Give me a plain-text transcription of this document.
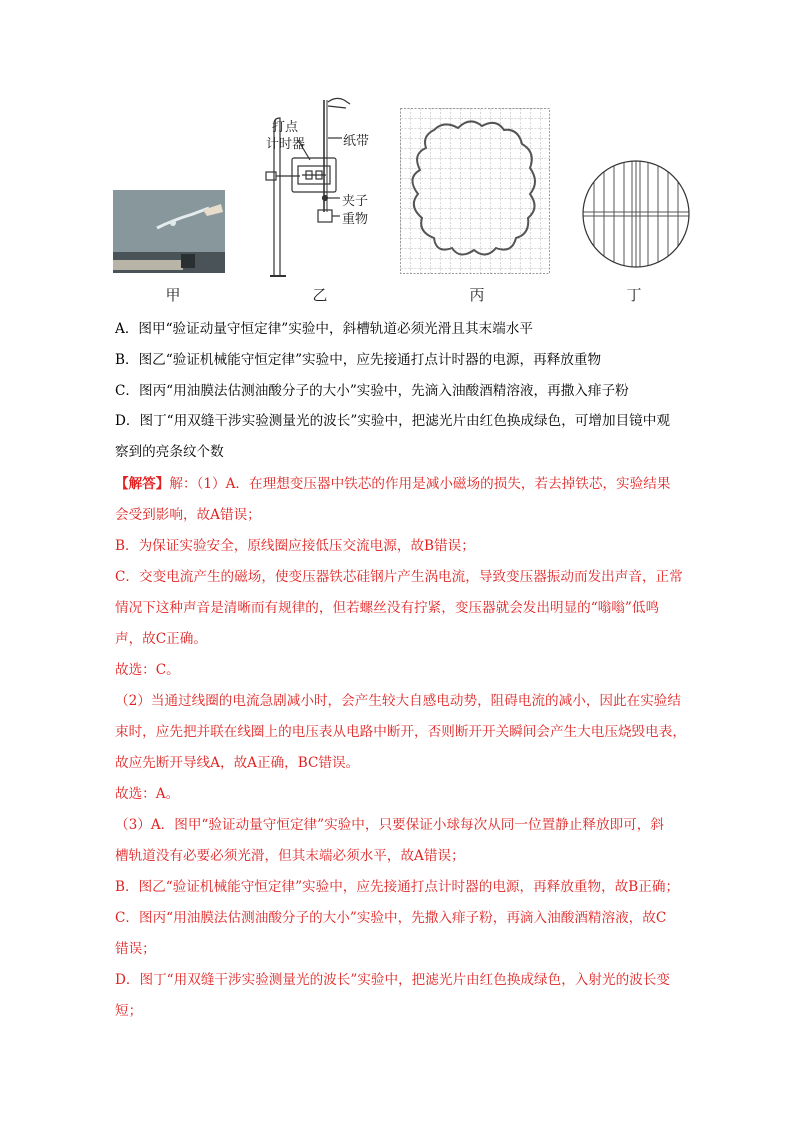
打点
计时器	纸带
夹子
重物
甲	乙	丙	丁
A．图甲“验证动量守恒定律”实验中，斜槽轨道必须光滑且其末端水平
B．图乙“验证机械能守恒定律”实验中，应先接通打点计时器的电源，再释放重物
C．图丙“用油膜法估测油酸分子的大小”实验中，先滴入油酸酒精溶液，再撒入痱子粉
D．图丁“用双缝干涉实验测量光的波长”实验中，把滤光片由红色换成绿色，可增加目镜中观
察到的亮条纹个数
【解答】解：（1）A．在理想变压器中铁芯的作用是减小磁场的损失，若去掉铁芯，实验结果
会受到影响，故A错误；
B．为保证实验安全，原线圈应接低压交流电源，故B错误；
C．交变电流产生的磁场，使变压器铁芯硅钢片产生涡电流，导致变压器振动而发出声音，正常
情况下这种声音是清晰而有规律的，但若螺丝没有拧紧，变压器就会发出明显的“嗡嗡”低鸣
声，故C正确。
故选：C。
（2）当通过线圈的电流急剧减小时，会产生较大自感电动势，阻碍电流的减小，因此在实验结
束时，应先把并联在线圈上的电压表从电路中断开，否则断开开关瞬间会产生大电压烧毁电表，
故应先断开导线A，故A正确，BC错误。
故选：A。
（3）A．图甲“验证动量守恒定律”实验中，只要保证小球每次从同一位置静止释放即可，斜
槽轨道没有必要必须光滑，但其末端必须水平，故A错误；
B．图乙“验证机械能守恒定律”实验中，应先接通打点计时器的电源，再释放重物，故B正确；
C．图丙“用油膜法估测油酸分子的大小”实验中，先撒入痱子粉，再滴入油酸酒精溶液，故C
错误；
D．图丁“用双缝干涉实验测量光的波长”实验中，把滤光片由红色换成绿色，入射光的波长变
短；
